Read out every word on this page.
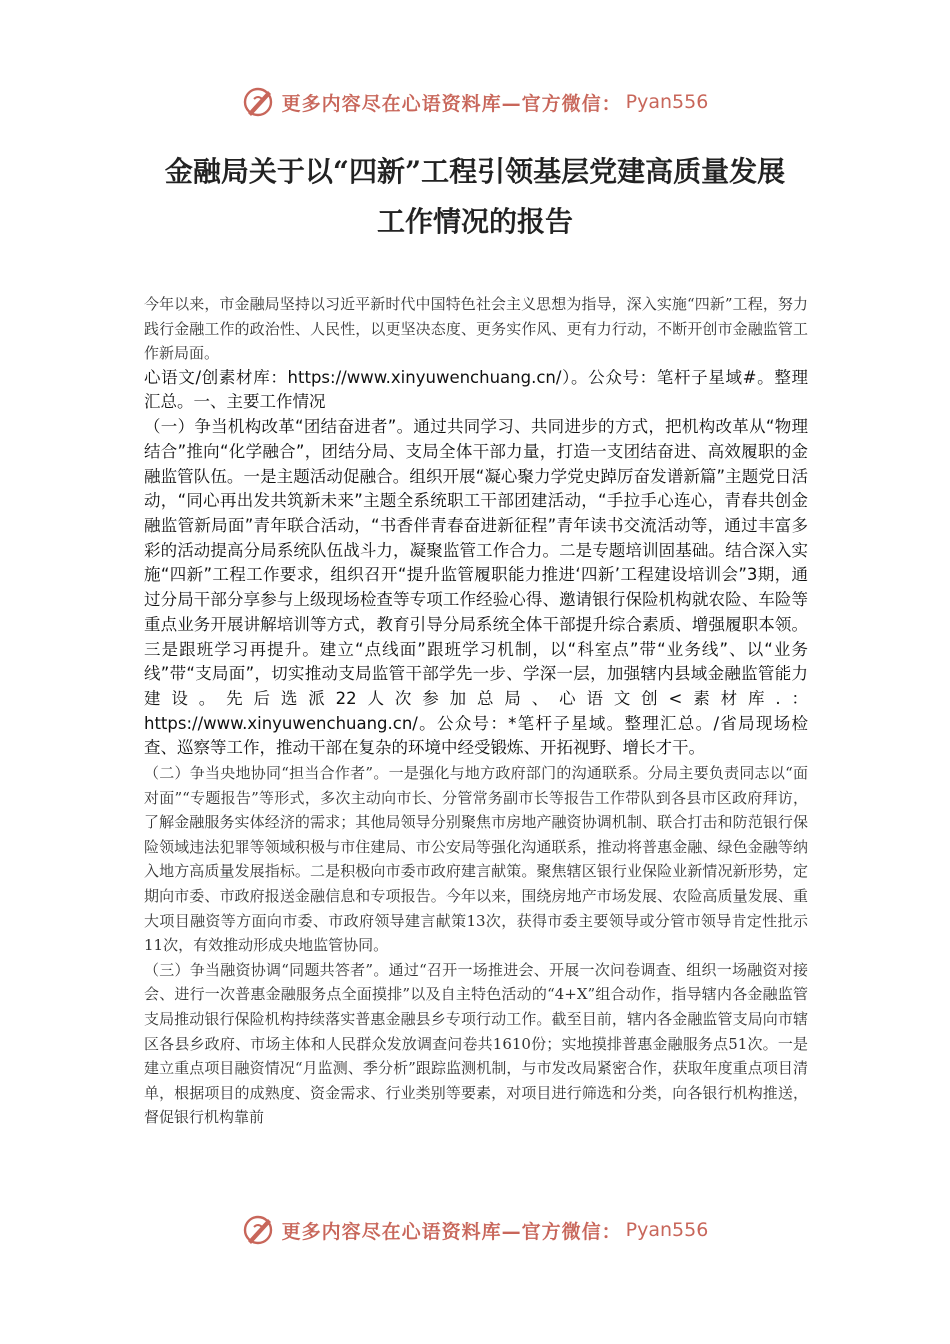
更多内容尽在心语资料库—官方微信： Pyan556
金融局关于以“四新”工程引领基层党建高质量发展
工作情况的报告

今年以来，市金融局坚持以习近平新时代中国特色社会主义思想为指导，深入实施“四新”工程，努力践行金融工作的政治性、人民性，以更坚决态度、更务实作风、更有力行动，不断开创市金融监管工作新局面。

心语文/创素材库：https://www.xinyuwenchuang.cn/）。公众号：笔杆子星域#。整理汇总。一、主要工作情况

（一）争当机构改革“团结奋进者”。通过共同学习、共同进步的方式，把机构改革从“物理结合”推向“化学融合”，团结分局、支局全体干部力量，打造一支团结奋进、高效履职的金融监管队伍。一是主题活动促融合。组织开展“凝心聚力学党史踔厉奋发谱新篇”主题党日活动，“同心再出发共筑新未来”主题全系统职工干部团建活动，“手拉手心连心，青春共创金融监管新局面”青年联合活动，“书香伴青春奋进新征程”青年读书交流活动等，通过丰富多彩的活动提高分局系统队伍战斗力，凝聚监管工作合力。二是专题培训固基础。结合深入实施“四新”工程工作要求，组织召开“提升监管履职能力推进‘四新’工程建设培训会”3期，通过分局干部分享参与上级现场检查等专项工作经验心得、邀请银行保险机构就农险、车险等重点业务开展讲解培训等方式，教育引导分局系统全体干部提升综合素质、增强履职本领。三是跟班学习再提升。建立“点线面”跟班学习机制，以“科室点”带“业务线”、以“业务线”带“支局面”，切实推动支局监管干部学先一步、学深一层，加强辖内县域金融监管能力建设。先后选派22人次参加总局、心语文创<素材库.：https://www.xinyuwenchuang.cn/。公众号：*笔杆子星域。整理汇总。/省局现场检查、巡察等工作，推动干部在复杂的环境中经受锻炼、开拓视野、增长才干。

（二）争当央地协同“担当合作者”。一是强化与地方政府部门的沟通联系。分局主要负责同志以“面对面”“专题报告”等形式，多次主动向市长、分管常务副市长等报告工作带队到各县市区政府拜访，了解金融服务实体经济的需求；其他局领导分别聚焦市房地产融资协调机制、联合打击和防范银行保险领域违法犯罪等领域积极与市住建局、市公安局等强化沟通联系，推动将普惠金融、绿色金融等纳入地方高质量发展指标。二是积极向市委市政府建言献策。聚焦辖区银行业保险业新情况新形势，定期向市委、市政府报送金融信息和专项报告。今年以来，围绕房地产市场发展、农险高质量发展、重大项目融资等方面向市委、市政府领导建言献策13次，获得市委主要领导或分管市领导肯定性批示11次，有效推动形成央地监管协同。

（三）争当融资协调“同题共答者”。通过“召开一场推进会、开展一次问卷调查、组织一场融资对接会、进行一次普惠金融服务点全面摸排”以及自主特色活动的“4+X”组合动作，指导辖内各金融监管支局推动银行保险机构持续落实普惠金融县乡专项行动工作。截至目前，辖内各金融监管支局向市辖区各县乡政府、市场主体和人民群众发放调查问卷共1610份；实地摸排普惠金融服务点51次。一是建立重点项目融资情况“月监测、季分析”跟踪监测机制，与市发改局紧密合作，获取年度重点项目清单，根据项目的成熟度、资金需求、行业类别等要素，对项目进行筛选和分类，向各银行机构推送，督促银行机构靠前

更多内容尽在心语资料库—官方微信： Pyan556
